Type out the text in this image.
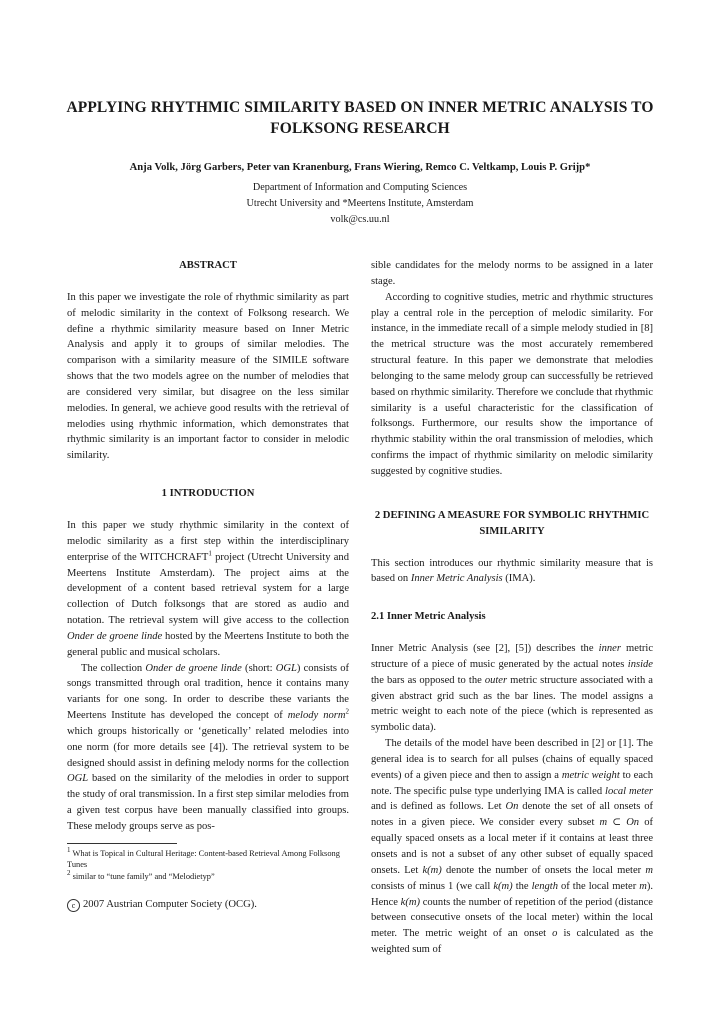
APPLYING RHYTHMIC SIMILARITY BASED ON INNER METRIC ANALYSIS TO FOLKSONG RESEARCH
Anja Volk, Jörg Garbers, Peter van Kranenburg, Frans Wiering, Remco C. Veltkamp, Louis P. Grijp*
Department of Information and Computing Sciences
Utrecht University and *Meertens Institute, Amsterdam
volk@cs.uu.nl
ABSTRACT

In this paper we investigate the role of rhythmic similarity as part of melodic similarity in the context of Folksong research. We define a rhythmic similarity measure based on Inner Metric Analysis and apply it to groups of similar melodies. The comparison with a similarity measure of the SIMILE software shows that the two models agree on the number of melodies that are considered very similar, but disagree on the less similar melodies. In general, we achieve good results with the retrieval of melodies using rhythmic information, which demonstrates that rhythmic similarity is an important factor to consider in melodic similarity.

1 INTRODUCTION

In this paper we study rhythmic similarity in the context of melodic similarity as a first step within the interdisciplinary enterprise of the WITCHCRAFT$^1$ project (Utrecht University and Meertens Institute Amsterdam). The project aims at the development of a content based retrieval system for a large collection of Dutch folksongs that are stored as audio and notation. The retrieval system will give access to the collection Onder de groene linde hosted by the Meertens Institute to both the general public and musical scholars.

The collection Onder de groene linde (short: OGL) consists of songs transmitted through oral tradition, hence it contains many variants for one song. In order to describe these variants the Meertens Institute has developed the concept of melody norm$^2$ which groups historically or ‘genetically’ related melodies into one norm (for more details see [4]). The retrieval system to be designed should assist in defining melody norms for the collection OGL based on the similarity of the melodies in order to support the study of oral transmission. In a first step similar melodies from a given test corpus have been manually classified into groups. These melody groups serve as pos-

$^1$ What is Topical in Cultural Heritage: Content-based Retrieval Among Folksong Tunes
$^2$ similar to “tune family” and “Melodietyp”
c 2007 Austrian Computer Society (OCG).

sible candidates for the melody norms to be assigned in a later stage.

According to cognitive studies, metric and rhythmic structures play a central role in the perception of melodic similarity. For instance, in the immediate recall of a simple melody studied in [8] the metrical structure was the most accurately remembered structural feature. In this paper we demonstrate that melodies belonging to the same melody group can successfully be retrieved based on rhythmic similarity. Therefore we conclude that rhythmic similarity is a useful characteristic for the classification of folksongs. Furthermore, our results show the importance of rhythmic stability within the oral transmission of melodies, which confirms the impact of rhythmic similarity on melodic similarity suggested by cognitive studies.

2 DEFINING A MEASURE FOR SYMBOLIC RHYTHMIC SIMILARITY

This section introduces our rhythmic similarity measure that is based on Inner Metric Analysis (IMA).

2.1 Inner Metric Analysis

Inner Metric Analysis (see [2], [5]) describes the inner metric structure of a piece of music generated by the actual notes inside the bars as opposed to the outer metric structure associated with a given abstract grid such as the bar lines. The model assigns a metric weight to each note of the piece (which is represented as symbolic data).

The details of the model have been described in [2] or [1]. The general idea is to search for all pulses (chains of equally spaced events) of a given piece and then to assign a metric weight to each note. The specific pulse type underlying IMA is called local meter and is defined as follows. Let On denote the set of all onsets of notes in a given piece. We consider every subset m ⊂ On of equally spaced onsets as a local meter if it contains at least three onsets and is not a subset of any other subset of equally spaced onsets. Let k(m) denote the number of onsets the local meter m consists of minus 1 (we call k(m) the length of the local meter m). Hence k(m) counts the number of repetition of the period (distance between consecutive onsets of the local meter) within the local meter. The metric weight of an onset o is calculated as the weighted sum of
